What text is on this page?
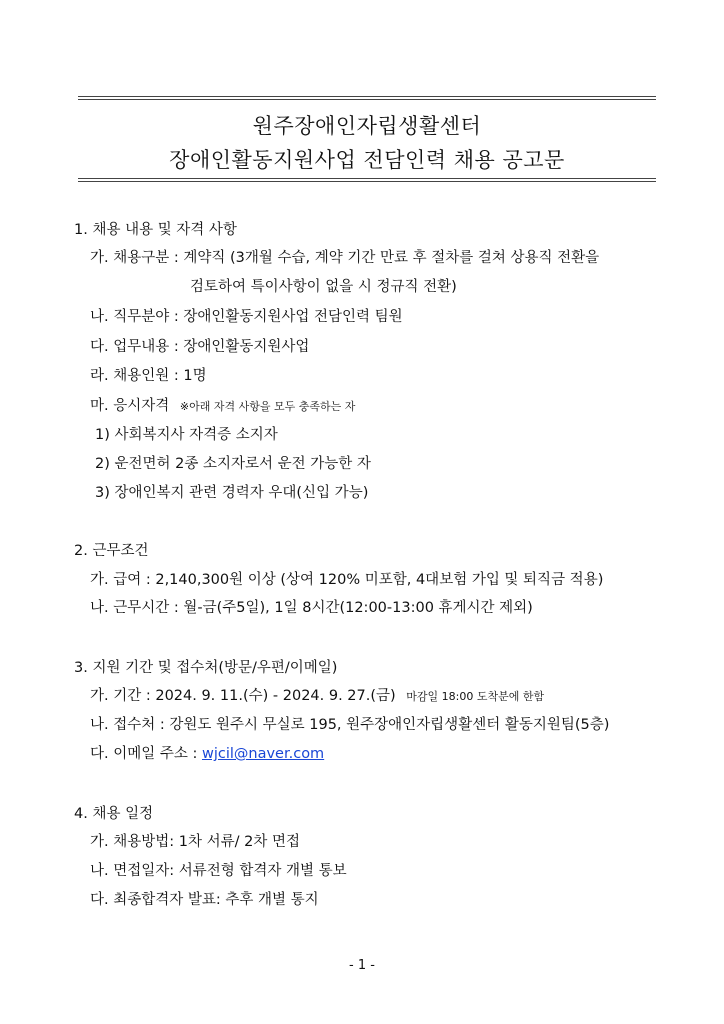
원주장애인자립생활센터
장애인활동지원사업 전담인력 채용 공고문
1. 채용 내용 및 자격 사항
가. 채용구분 : 계약직 (3개월 수습, 계약 기간 만료 후 절차를 걸쳐 상용직 전환을
검토하여 특이사항이 없을 시 정규직 전환)
나. 직무분야 : 장애인활동지원사업 전담인력 팀원
다. 업무내용 : 장애인활동지원사업
라. 채용인원 : 1명
마. 응시자격 ※아래 자격 사항을 모두 충족하는 자
1) 사회복지사 자격증 소지자
2) 운전면허 2종 소지자로서 운전 가능한 자
3) 장애인복지 관련 경력자 우대(신입 가능)
2. 근무조건
가. 급여 : 2,140,300원 이상 (상여 120% 미포함, 4대보험 가입 및 퇴직금 적용)
나. 근무시간 : 월-금(주5일), 1일 8시간(12:00-13:00 휴게시간 제외)
3. 지원 기간 및 접수처(방문/우편/이메일)
가. 기간 : 2024. 9. 11.(수) - 2024. 9. 27.(금) 마감일 18:00 도착분에 한함
나. 접수처 : 강원도 원주시 무실로 195, 원주장애인자립생활센터 활동지원팀(5층)
다. 이메일 주소 : wjcil@naver.com
4. 채용 일정
가. 채용방법: 1차 서류/ 2차 면접
나. 면접일자: 서류전형 합격자 개별 통보
다. 최종합격자 발표: 추후 개별 통지
- 1 -
